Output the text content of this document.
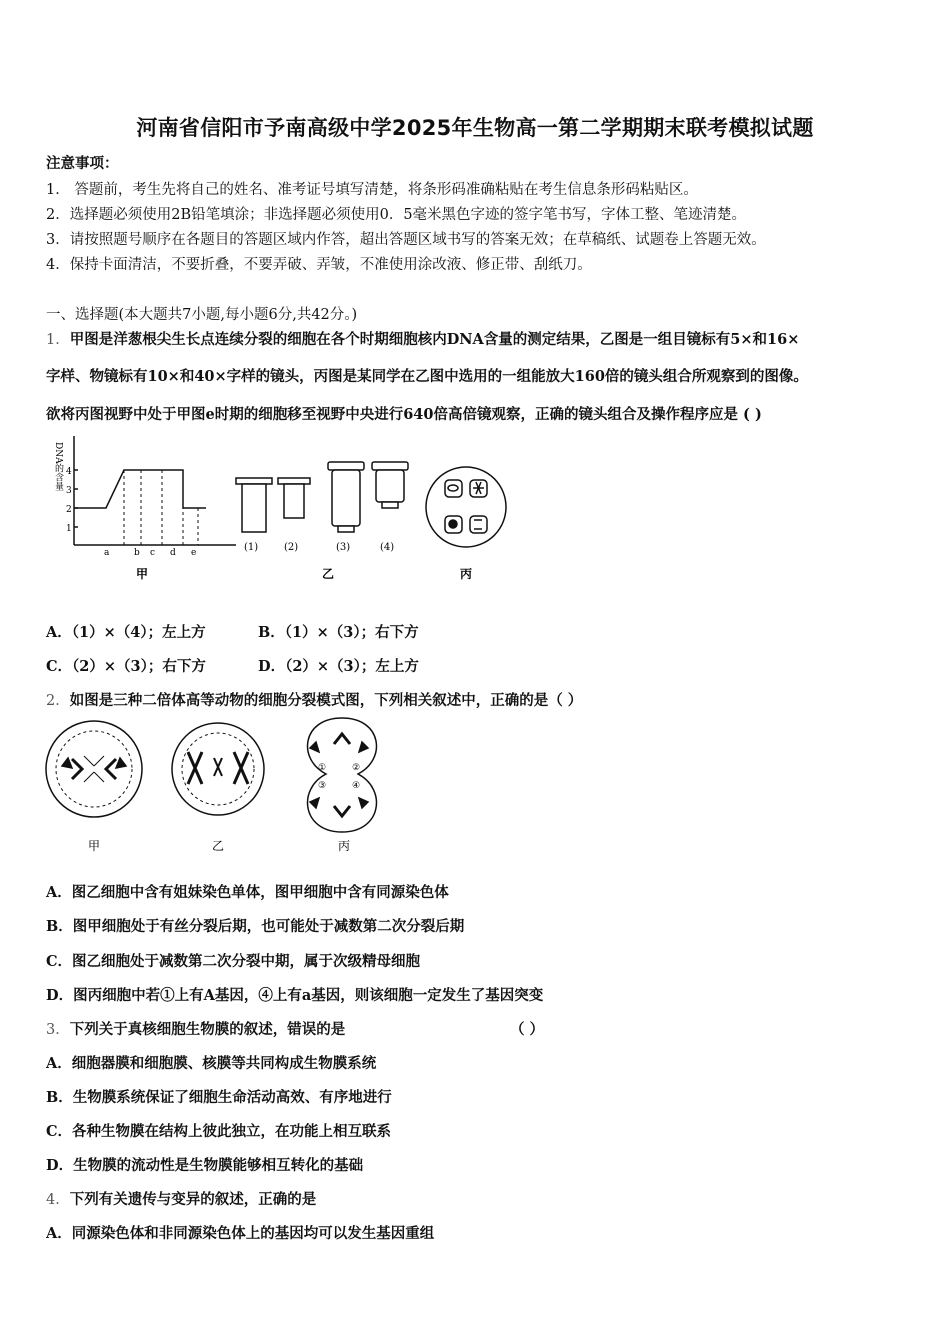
河南省信阳市予南高级中学2025年生物高一第二学期期末联考模拟试题
注意事项：
1． 答题前，考生先将自己的姓名、准考证号填写清楚，将条形码准确粘贴在考生信息条形码粘贴区。
2．选择题必须使用2B铅笔填涂；非选择题必须使用0．5毫米黑色字迹的签字笔书写，字体工整、笔迹清楚。
3．请按照题号顺序在各题目的答题区域内作答，超出答题区域书写的答案无效；在草稿纸、试题卷上答题无效。
4．保持卡面清洁，不要折叠，不要弄破、弄皱，不准使用涂改液、修正带、刮纸刀。
一、选择题(本大题共7小题,每小题6分,共42分。)
1．甲图是洋葱根尖生长点连续分裂的细胞在各个时期细胞核内DNA含量的测定结果，乙图是一组目镜标有5×和16×
字样、物镜标有10×和40×字样的镜头，丙图是某同学在乙图中选用的一组能放大160倍的镜头组合所观察到的图像。
欲将丙图视野中处于甲图e时期的细胞移至视野中央进行640倍高倍镜观察，正确的镜头组合及操作程序应是 ( )
DNA的含量 4
3
2
1
a	b c d e
甲
(1)	(2)	(3)	(4)
乙	丙
A．（1）×（4）；左上方	B．（1）×（3）；右下方
C．（2）×（3）；右下方	D．（2）×（3）；左上方
2．如图是三种二倍体高等动物的细胞分裂模式图，下列相关叙述中，正确的是（ ）
甲	乙
①	②
③	④
丙
A．图乙细胞中含有姐妹染色单体，图甲细胞中含有同源染色体
B．图甲细胞处于有丝分裂后期，也可能处于减数第二次分裂后期
C．图乙细胞处于减数第二次分裂中期，属于次级精母细胞
D．图丙细胞中若①上有A基因，④上有a基因，则该细胞一定发生了基因突变
3．下列关于真核细胞生物膜的叙述，错误的是	（ ）
A．细胞器膜和细胞膜、核膜等共同构成生物膜系统
B．生物膜系统保证了细胞生命活动高效、有序地进行
C．各种生物膜在结构上彼此独立，在功能上相互联系
D．生物膜的流动性是生物膜能够相互转化的基础
4．下列有关遗传与变异的叙述，正确的是
A．同源染色体和非同源染色体上的基因均可以发生基因重组
